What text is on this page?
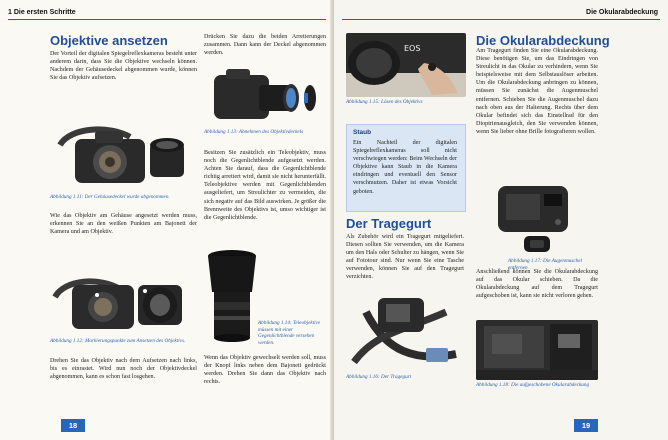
1 Die ersten Schritte
Objektive ansetzen
Der Vorteil der digitalen Spiegelreflexkameras besteht unter anderem darin, dass Sie die Objektive wechseln können. Nachdem der Gehäusedeckel abgenommen wurde, können Sie das Objektiv aufsetzen.
Abbildung 1.11: Der Gehäusedeckel wurde abgenommen.
Wie das Objektiv am Gehäuse angesetzt werden muss, erkennen Sie an den weißen Punkten am Bajonett der Kamera und am Objektiv.
Abbildung 1.12: Markierungspunkte zum Ansetzen des Objektivs.
Drehen Sie das Objektiv nach dem Aufsetzen nach links, bis es einrastet. Wird nun noch der Objektivdeckel abgenommen, kann es schon fast losgehen.
Drücken Sie dazu die beiden Arretierungen zusammen. Dann kann der Deckel abgenommen werden.
Abbildung 1.13: Abnehmen des Objektivdeckels
Besitzen Sie zusätzlich ein Teleobjektiv, muss noch die Gegenlichtblende aufgesetzt werden. Achten Sie darauf, dass die Gegenlichtblende richtig arretiert wird, damit sie nicht herunterfällt. Teleobjektive werden mit Gegenlichtblenden ausgeliefert, um Streulichter zu vermeiden, die sich negativ auf das Bild auswirken. Je größer die Brennweite des Objektivs ist, umso wichtiger ist die Gegenlichtblende.
Abbildung 1.14: Teleobjektive müssen mit einer Gegenlichtblende versehen werden.
Wenn das Objektiv gewechselt werden soll, muss der Knopf links neben dem Bajonett gedrückt werden. Drehen Sie dann das Objektiv nach rechts.
18
Die Okularabdeckung
EOS
Abbildung 1.15: Lösen des Objektivs
Staub
Ein Nachteil der digitalen Spiegelreflexkameras soll nicht verschwiegen werden: Beim Wechseln der Objektive kann Staub in die Kamera eindringen und eventuell den Sensor verschmutzen. Daher ist etwas Vorsicht geboten.
Der Tragegurt
Als Zubehör wird ein Tragegurt mitgeliefert. Diesen sollten Sie verwenden, um die Kamera um den Hals oder Schulter zu hängen, wenn Sie auf Fototour sind. Nur wenn Sie eine Tasche verwenden, können Sie auf den Tragegurt verzichten.
Abbildung 1.16: Der Tragegurt
Die Okularabdeckung
Am Tragegurt finden Sie eine Okularabdeckung. Diese benötigen Sie, um das Eindringen von Streulicht in das Okular zu verhindern, wenn Sie beispielsweise mit dem Selbstauslöser arbeiten. Um die Okularabdeckung anbringen zu können, müssen Sie zunächst die Augenmuschel entfernen. Schieben Sie die Augenmuschel dazu nach oben aus der Halterung. Rechts über dem Okular befindet sich das Einstellrad für den Dioptrienausgleich, den Sie verwenden können, wenn Sie lieber ohne Brille fotografieren wollen.
Abbildung 1.17: Die Augenmuschel entfernen
Anschließend können Sie die Okularabdeckung auf das Okular schieben. Da die Okularabdeckung auf dem Tragegurt aufgeschoben ist, kann sie nicht verloren gehen.
Abbildung 1.18: Die aufgeschobene Okularabdeckung
19
